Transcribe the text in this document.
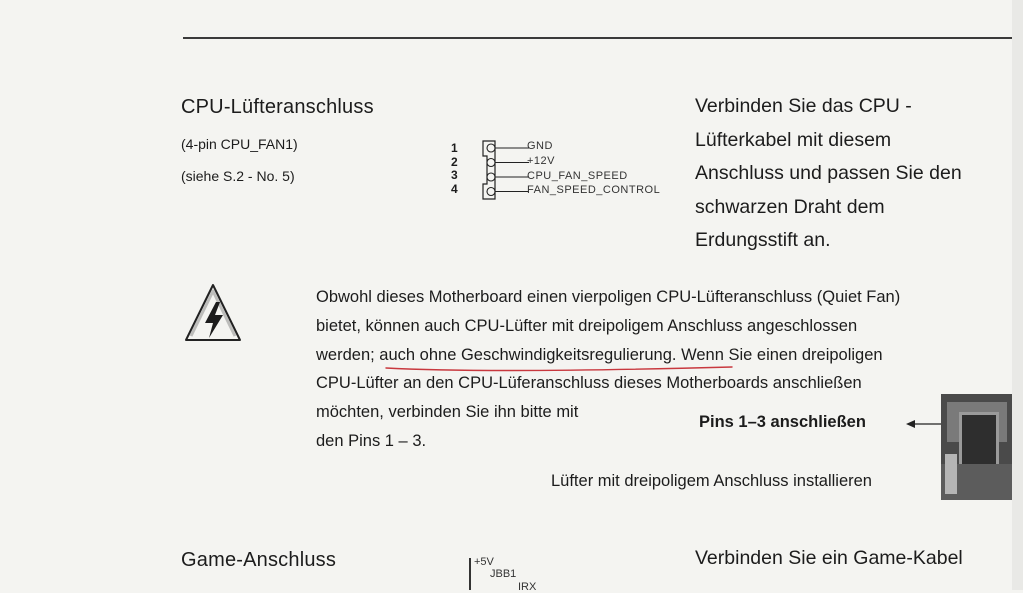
CPU-Lüfteranschluss
(4-pin CPU_FAN1)
(siehe S.2 - No. 5)
1
2
3
4
GND
+12V
CPU_FAN_SPEED
FAN_SPEED_CONTROL
Verbinden Sie das CPU -
Lüfterkabel mit diesem
Anschluss und passen Sie den
schwarzen Draht dem
Erdungsstift an.
Obwohl dieses Motherboard einen vierpoligen CPU-Lüfteranschluss (Quiet Fan)
bietet, können auch CPU-Lüfter mit dreipoligem Anschluss angeschlossen
werden; auch ohne Geschwindigkeitsregulierung. Wenn Sie einen dreipoligen
CPU-Lüfter an den CPU-Lüferanschluss dieses Motherboards anschließen
möchten, verbinden Sie ihn bitte mit
den Pins 1 – 3.
Pins 1–3 anschließen
Lüfter mit dreipoligem Anschluss installieren
Game-Anschluss	+5V
JBB1
IRX
Verbinden Sie ein Game-Kabel
